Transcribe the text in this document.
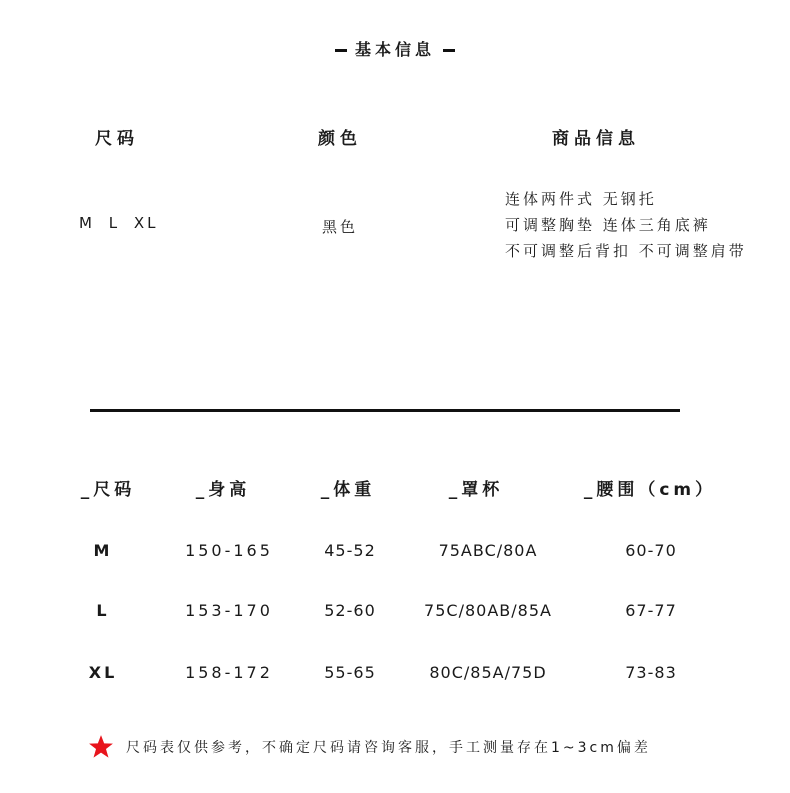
基本信息
尺码	颜色	商品信息
M L XL	黑色
连体两件式 无钢托
可调整胸垫 连体三角底裤
不可调整后背扣 不可调整肩带
_尺码	_身高	_体重	_罩杯	_腰围（cm）
M	150-165	45-52	75ABC/80A	60-70
L	153-170	52-60	75C/80AB/85A	67-77
XL	158-172	55-65	80C/85A/75D	73-83
尺码表仅供参考，不确定尺码请咨询客服，手工测量存在1~3cm偏差
